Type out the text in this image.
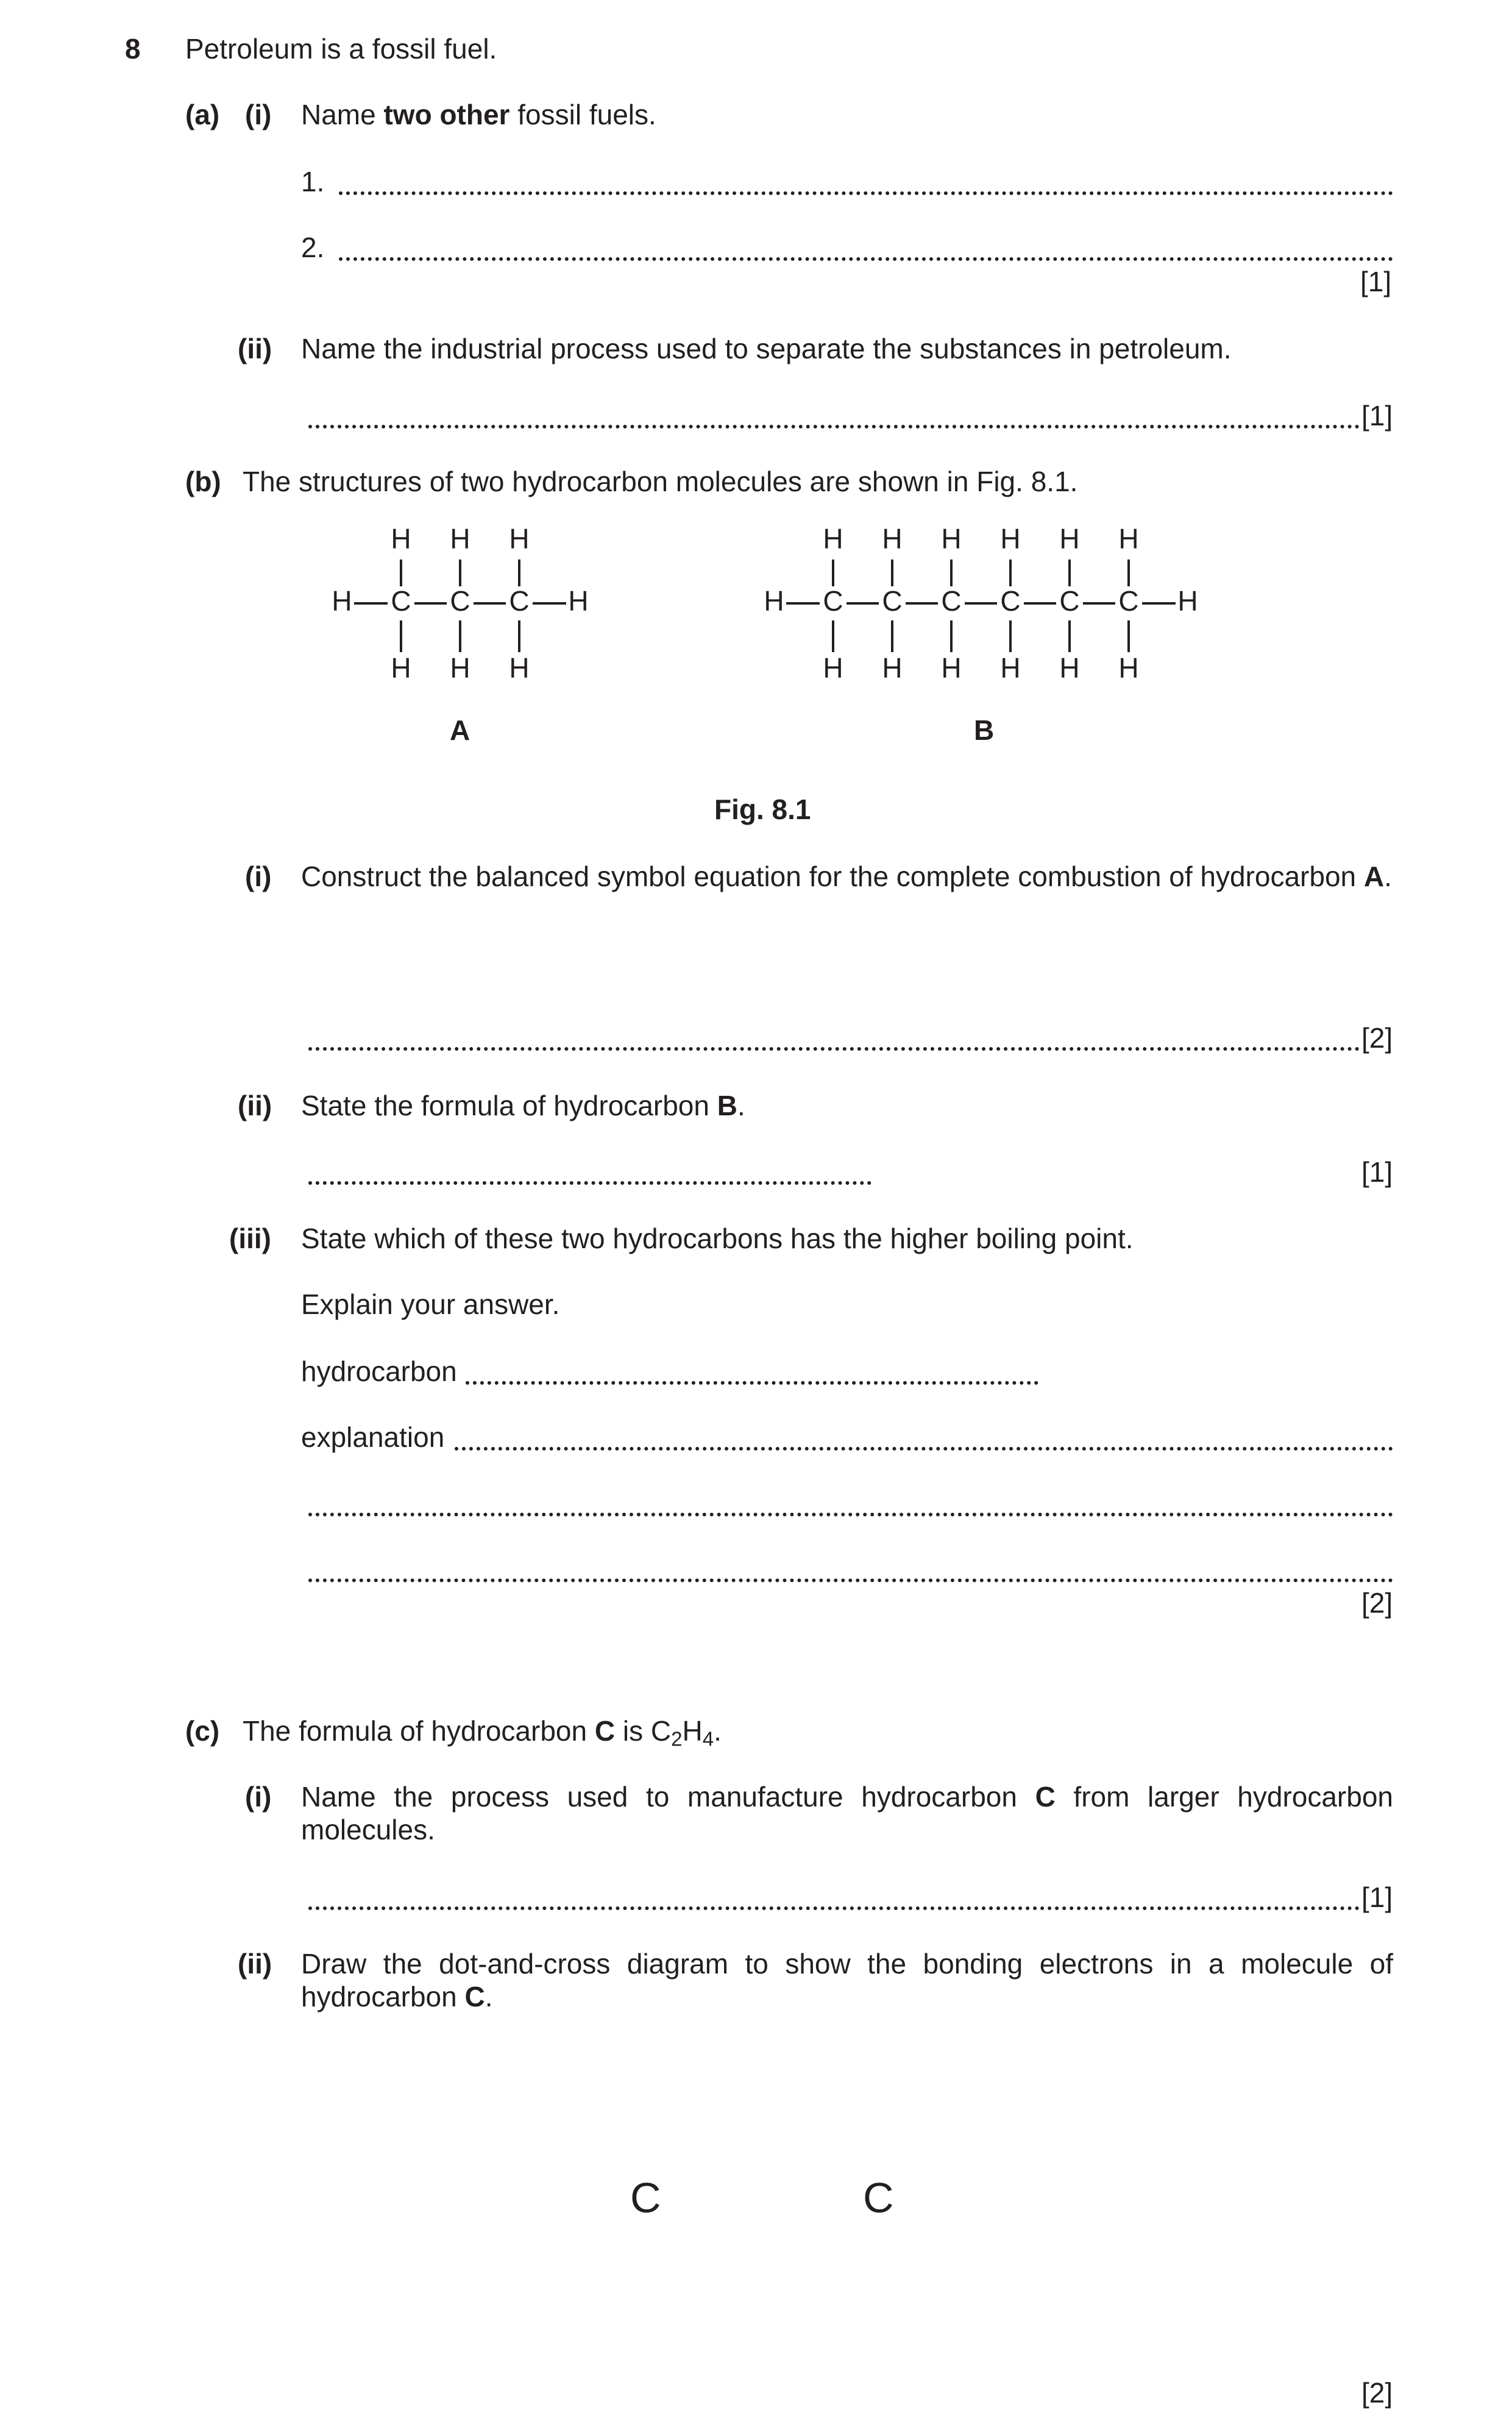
8 Petroleum is a fossil fuel.
(a) (i) Name two other fossil fuels.
1.
2.
[1]
(ii) Name the industrial process used to separate the substances in petroleum.
[1]
(b) The structures of two hydrocarbon molecules are shown in Fig. 8.1.
H	H
C
H
H
C
H
H
C
H
H
H	H
C
H
H
C
H
H
C
H
H
C
H
H
C
H
H
C
H
H
A	B
Fig. 8.1
(i) Construct the balanced symbol equation for the complete combustion of hydrocarbon A.
[2]
(ii) State the formula of hydrocarbon B.
[1]
(iii) State which of these two hydrocarbons has the higher boiling point.
Explain your answer.
hydrocarbon
explanation
[2]
(c) The formula of hydrocarbon C is $C_2H_4$.
(i) Name the process used to manufacture hydrocarbon C from larger hydrocarbon
molecules.
[1]
(ii) Draw the dot-and-cross diagram to show the bonding electrons in a molecule of
hydrocarbon C.
C	C
[2]
